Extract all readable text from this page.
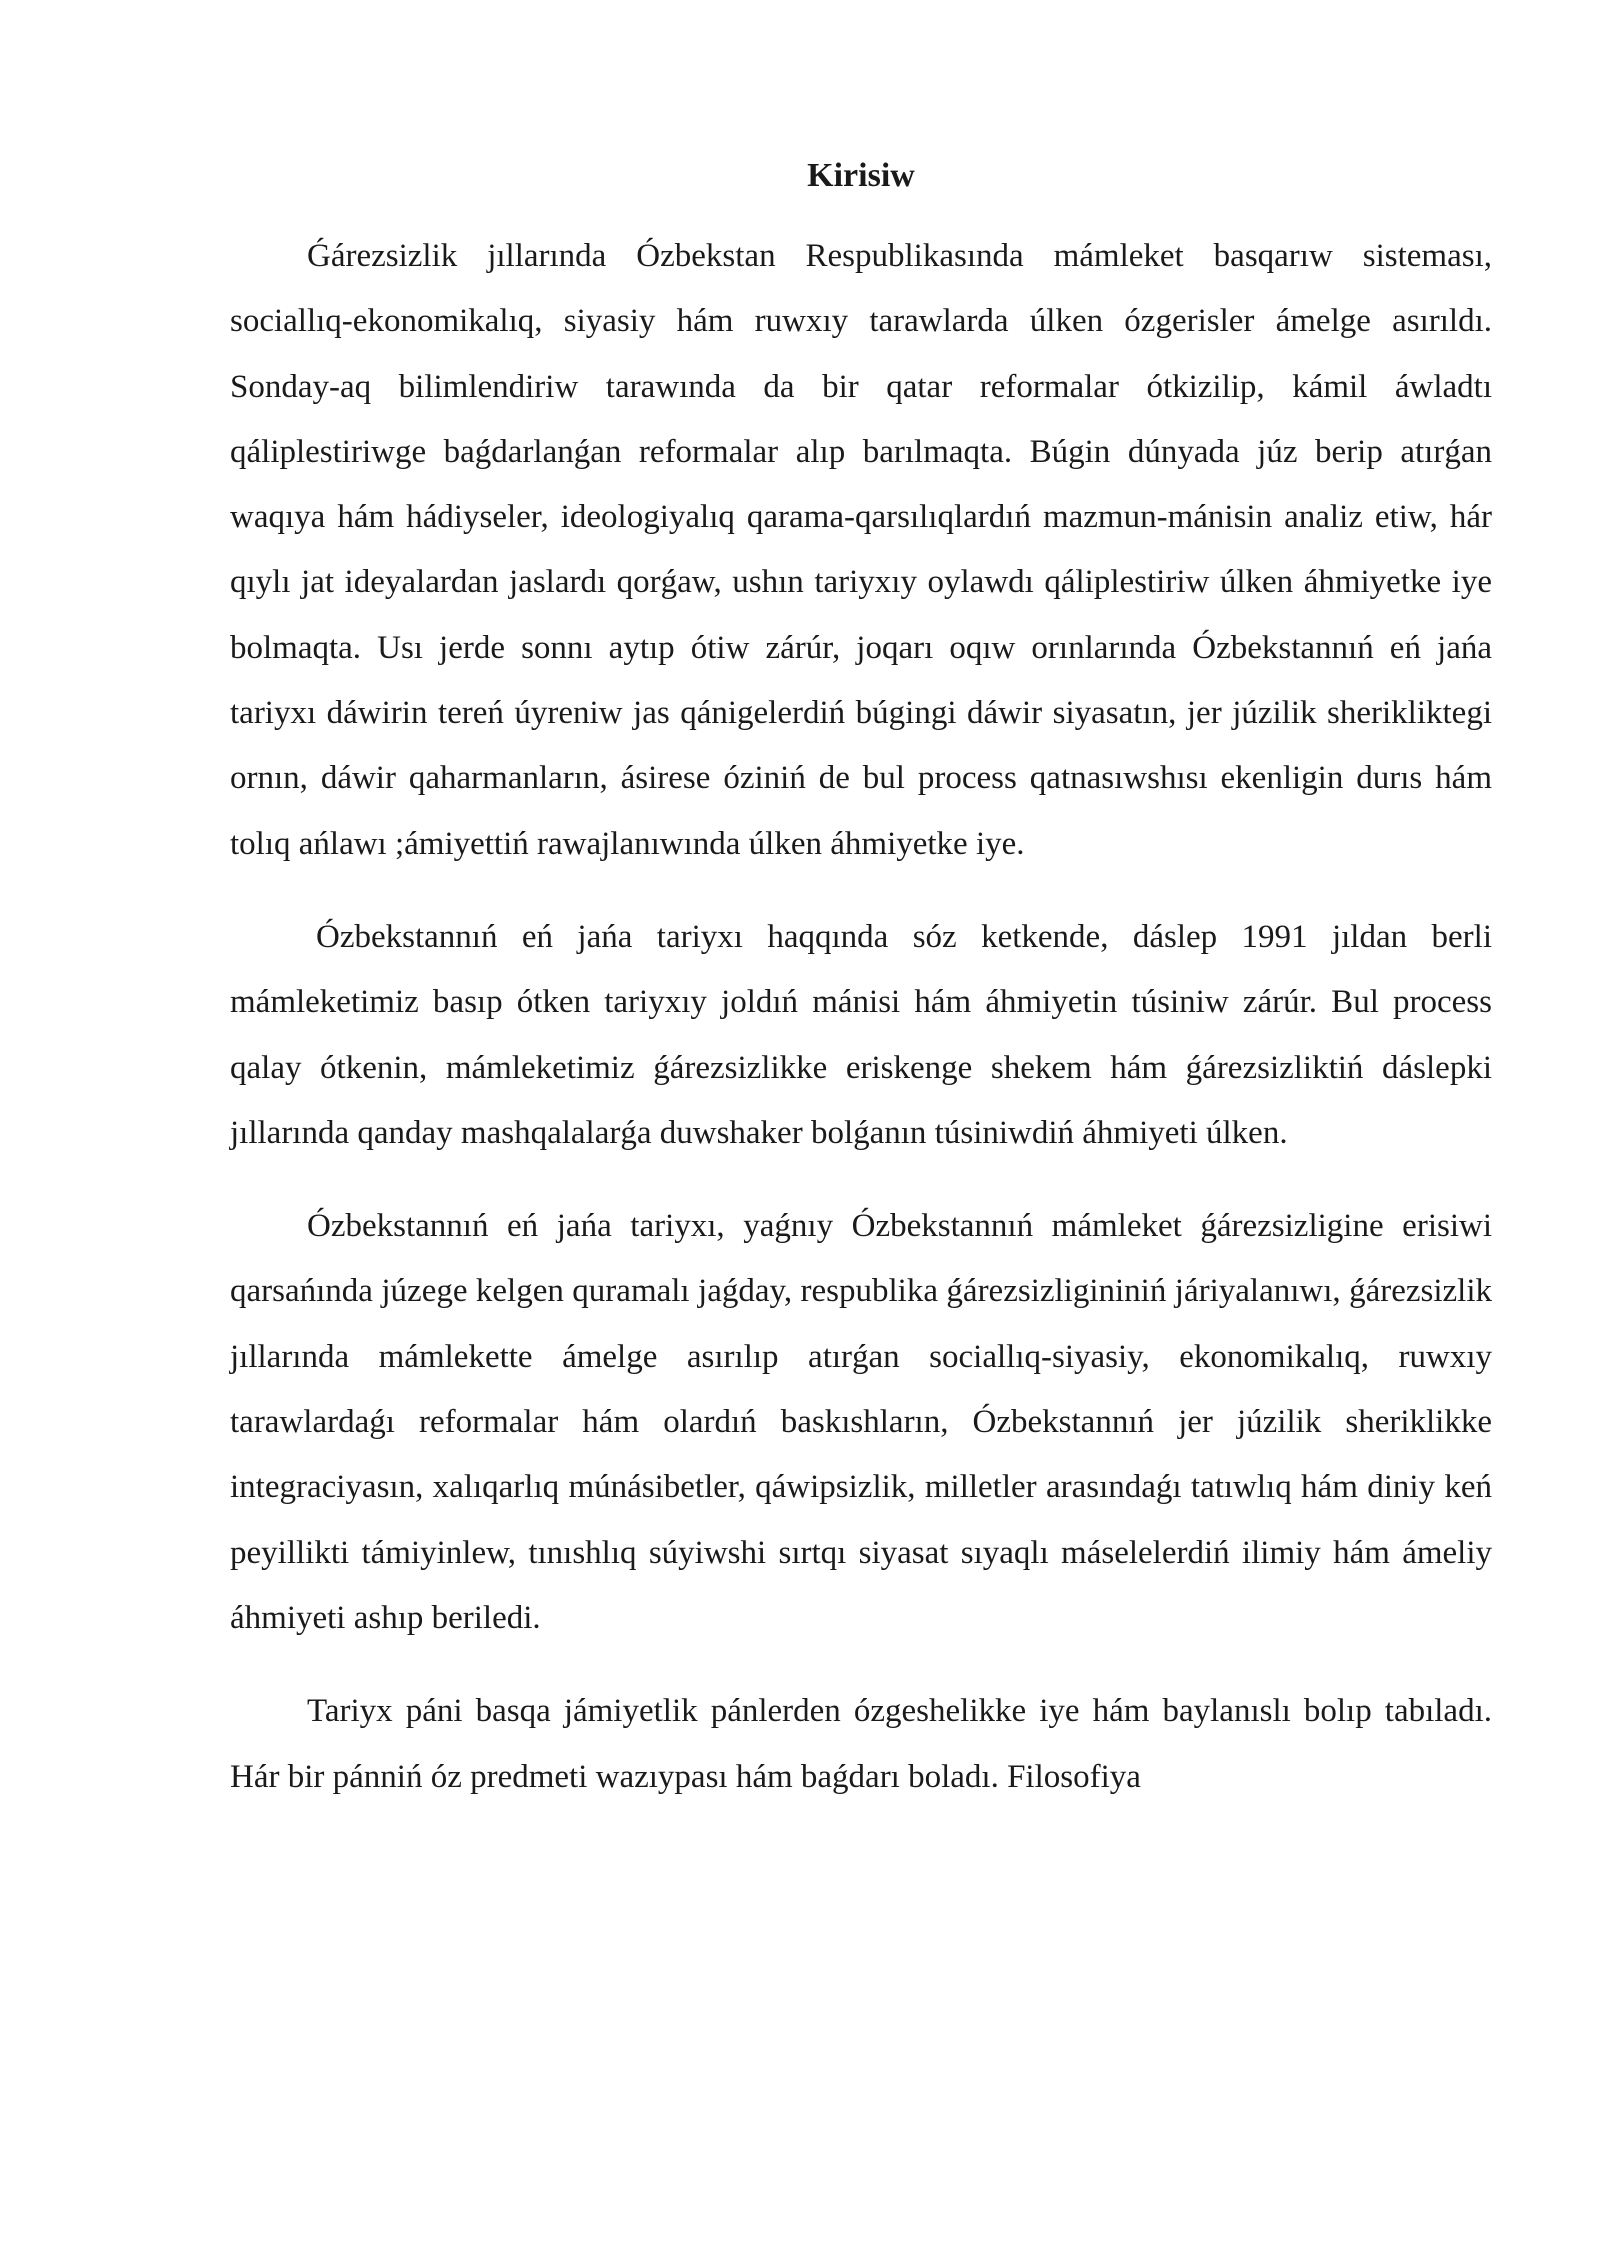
Kirisiw

Ǵárezsizlik jıllarında Ózbekstan Respublikasında mámleket basqarıw sisteması, sociallıq-ekonomikalıq, siyasiy hám ruwxıy tarawlarda úlken ózgerisler ámelge asırıldı. Sonday-aq bilimlendiriw tarawında da bir qatar reformalar ótkizilip, kámil áwladtı qáliplestiriwge baǵdarlanǵan reformalar alıp barılmaqta. Búgin dúnyada júz berip atırǵan waqıya hám hádiyseler, ideologiyalıq qarama-qarsılıqlardıń mazmun-mánisin analiz etiw, hár qıylı jat ideyalardan jaslardı qorǵaw, ushın tariyxıy oylawdı qáliplestiriw úlken áhmiyetke iye bolmaqta. Usı jerde sonnı aytıp ótiw zárúr, joqarı oqıw orınlarında Ózbekstannıń eń jańa tariyxı dáwirin tereń úyreniw jas qánigelerdiń búgingi dáwir siyasatın, jer júzilik sherikliktegi ornın, dáwir qaharmanların, ásirese óziniń de bul process qatnasıwshısı ekenligin durıs hám tolıq ańlawı ;ámiyettiń rawajlanıwında úlken áhmiyetke iye.

Ózbekstannıń eń jańa tariyxı haqqında sóz ketkende, dáslep 1991 jıldan berli mámleketimiz basıp ótken tariyxıy joldıń mánisi hám áhmiyetin túsiniw zárúr. Bul process qalay ótkenin, mámleketimiz ǵárezsizlikke eriskenge shekem hám ǵárezsizliktiń dáslepki jıllarında qanday mashqalalarǵa duwshaker bolǵanın túsiniwdiń áhmiyeti úlken.

Ózbekstannıń eń jańa tariyxı, yaǵnıy Ózbekstannıń mámleket ǵárezsizligine erisiwi qarsańında júzege kelgen quramalı jaǵday, respublika ǵárezsizligininiń járiyalanıwı, ǵárezsizlik jıllarında mámlekette ámelge asırılıp atırǵan sociallıq-siyasiy, ekonomikalıq, ruwxıy tarawlardaǵı reformalar hám olardıń baskıshların, Ózbekstannıń jer júzilik sheriklikke integraciyasın, xalıqarlıq múnásibetler, qáwipsizlik, milletler arasındaǵı tatıwlıq hám diniy keń peyillikti támiyinlew, tınıshlıq súyiwshi sırtqı siyasat sıyaqlı máselelerdiń ilimiy hám ámeliy áhmiyeti ashıp beriledi.

Tariyx páni basqa jámiyetlik pánlerden ózgeshelikke iye hám baylanıslı bolıp tabıladı. Hár bir pánniń óz predmeti wazıypası hám baǵdarı boladı. Filosofiya
